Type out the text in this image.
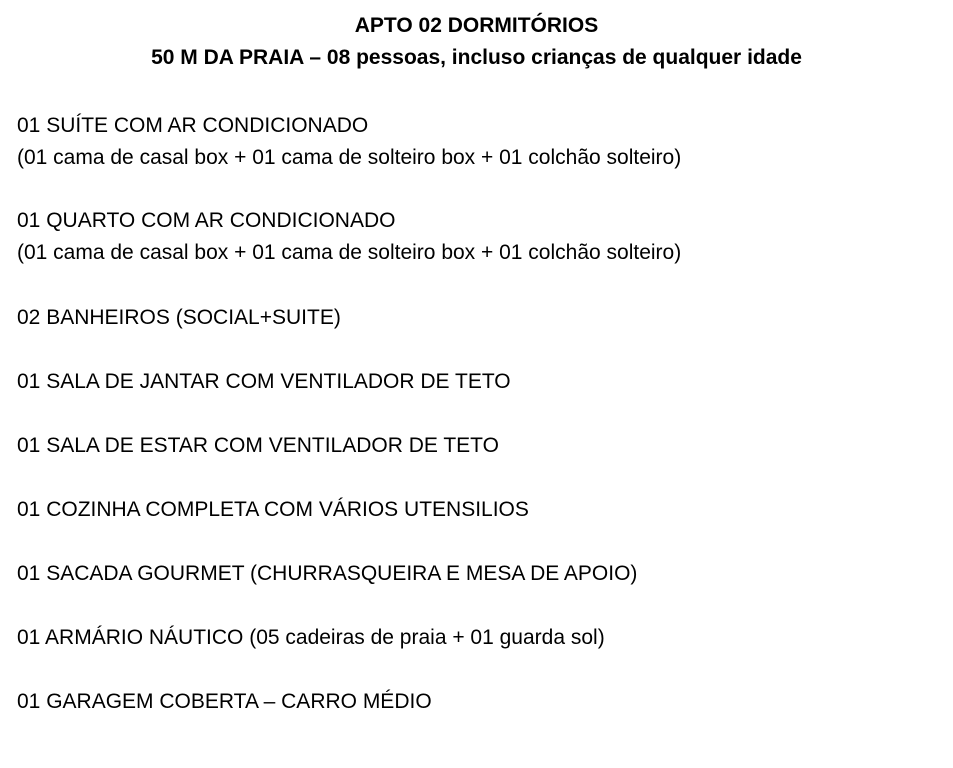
APTO 02 DORMITÓRIOS
50 M DA PRAIA – 08 pessoas, incluso crianças de qualquer idade
01 SUÍTE COM AR CONDICIONADO
(01 cama de casal box + 01 cama de solteiro box + 01 colchão solteiro)
01 QUARTO COM AR CONDICIONADO
(01 cama de casal box + 01 cama de solteiro box + 01 colchão solteiro)
02 BANHEIROS (SOCIAL+SUITE)
01 SALA DE JANTAR COM VENTILADOR DE TETO
01 SALA DE ESTAR COM VENTILADOR DE TETO
01 COZINHA COMPLETA COM VÁRIOS UTENSILIOS
01 SACADA GOURMET (CHURRASQUEIRA E MESA DE APOIO)
01 ARMÁRIO NÁUTICO (05 cadeiras de praia + 01 guarda sol)
01 GARAGEM COBERTA – CARRO MÉDIO
